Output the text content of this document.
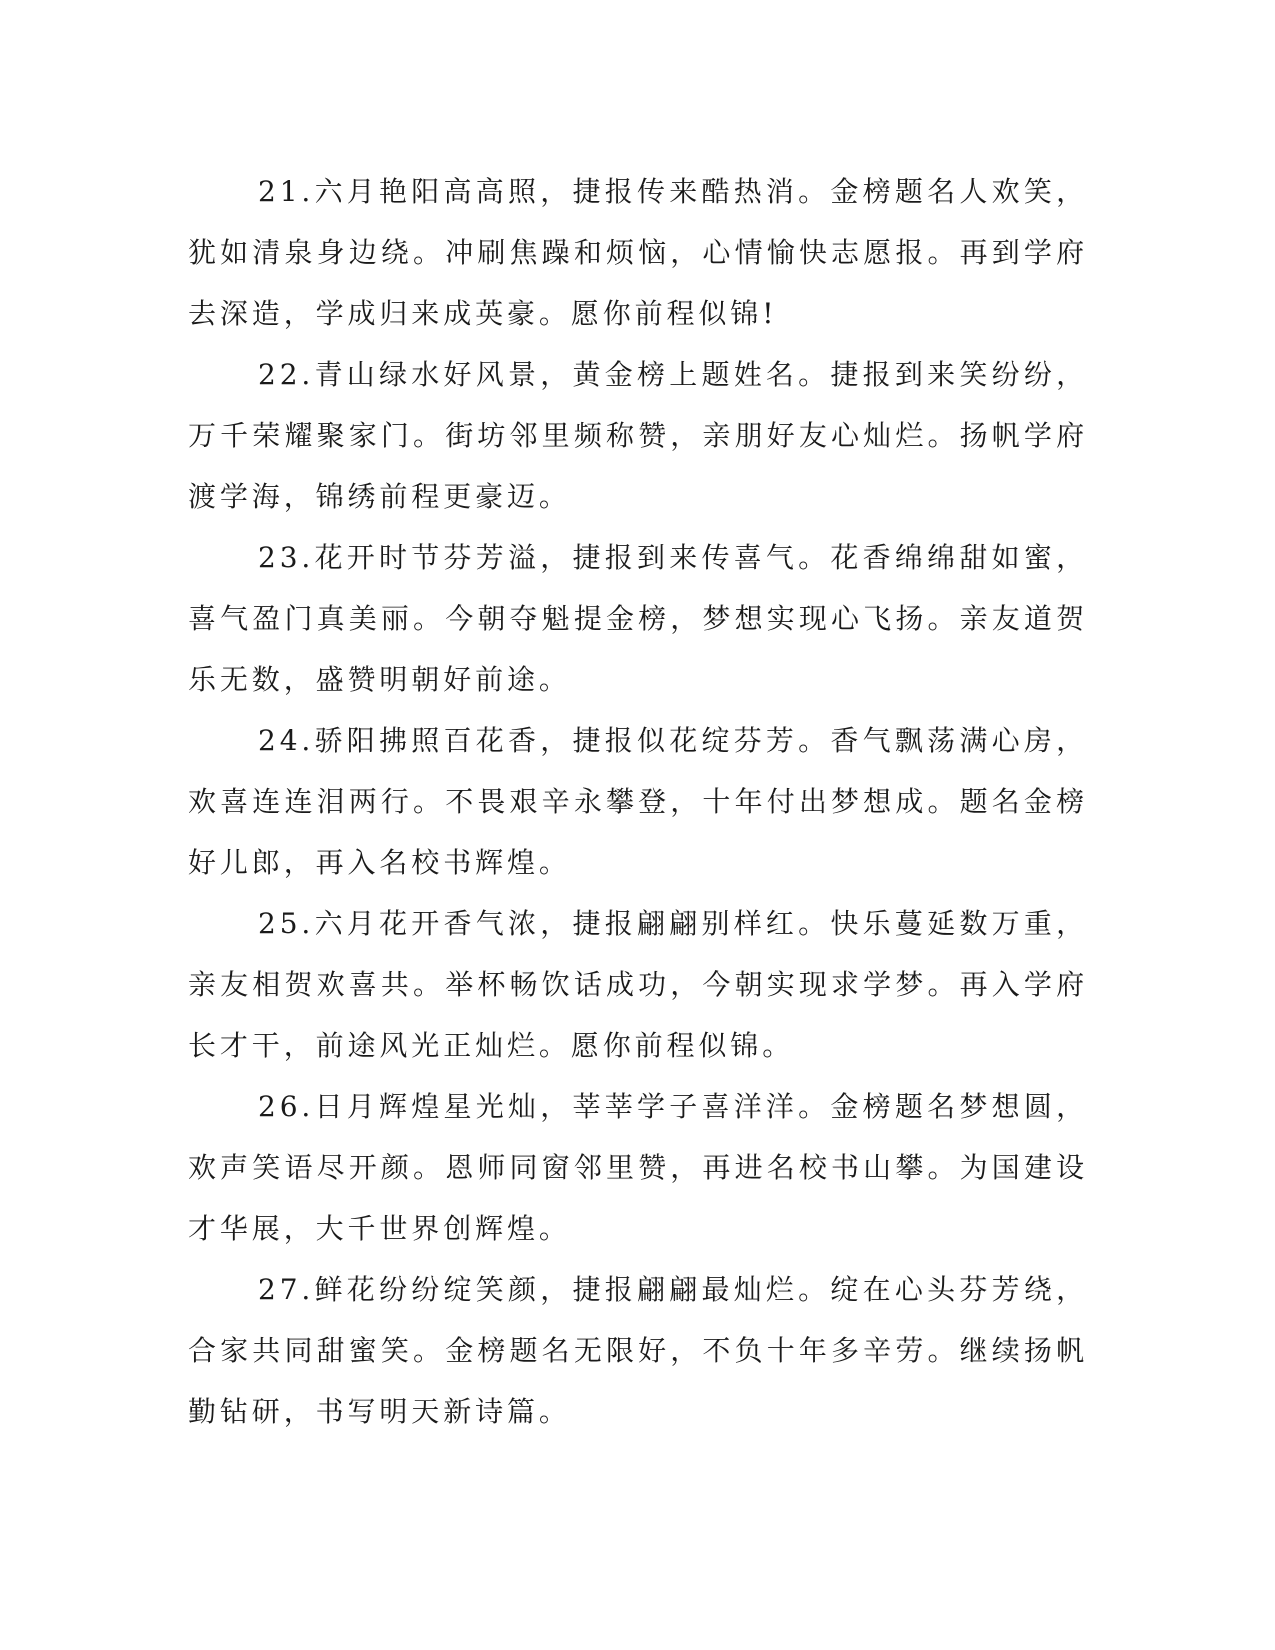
21.六月艳阳高高照，捷报传来酷热消。金榜题名人欢笑，犹如清泉身边绕。冲刷焦躁和烦恼，心情愉快志愿报。再到学府去深造，学成归来成英豪。愿你前程似锦!

22.青山绿水好风景，黄金榜上题姓名。捷报到来笑纷纷，万千荣耀聚家门。街坊邻里频称赞，亲朋好友心灿烂。扬帆学府渡学海，锦绣前程更豪迈。

23.花开时节芬芳溢，捷报到来传喜气。花香绵绵甜如蜜，喜气盈门真美丽。今朝夺魁提金榜，梦想实现心飞扬。亲友道贺乐无数，盛赞明朝好前途。

24.骄阳拂照百花香，捷报似花绽芬芳。香气飘荡满心房，欢喜连连泪两行。不畏艰辛永攀登，十年付出梦想成。题名金榜好儿郎，再入名校书辉煌。

25.六月花开香气浓，捷报翩翩别样红。快乐蔓延数万重，亲友相贺欢喜共。举杯畅饮话成功，今朝实现求学梦。再入学府长才干，前途风光正灿烂。愿你前程似锦。

26.日月辉煌星光灿，莘莘学子喜洋洋。金榜题名梦想圆，欢声笑语尽开颜。恩师同窗邻里赞，再进名校书山攀。为国建设才华展，大千世界创辉煌。

27.鲜花纷纷绽笑颜，捷报翩翩最灿烂。绽在心头芬芳绕，合家共同甜蜜笑。金榜题名无限好，不负十年多辛劳。继续扬帆勤钻研，书写明天新诗篇。
